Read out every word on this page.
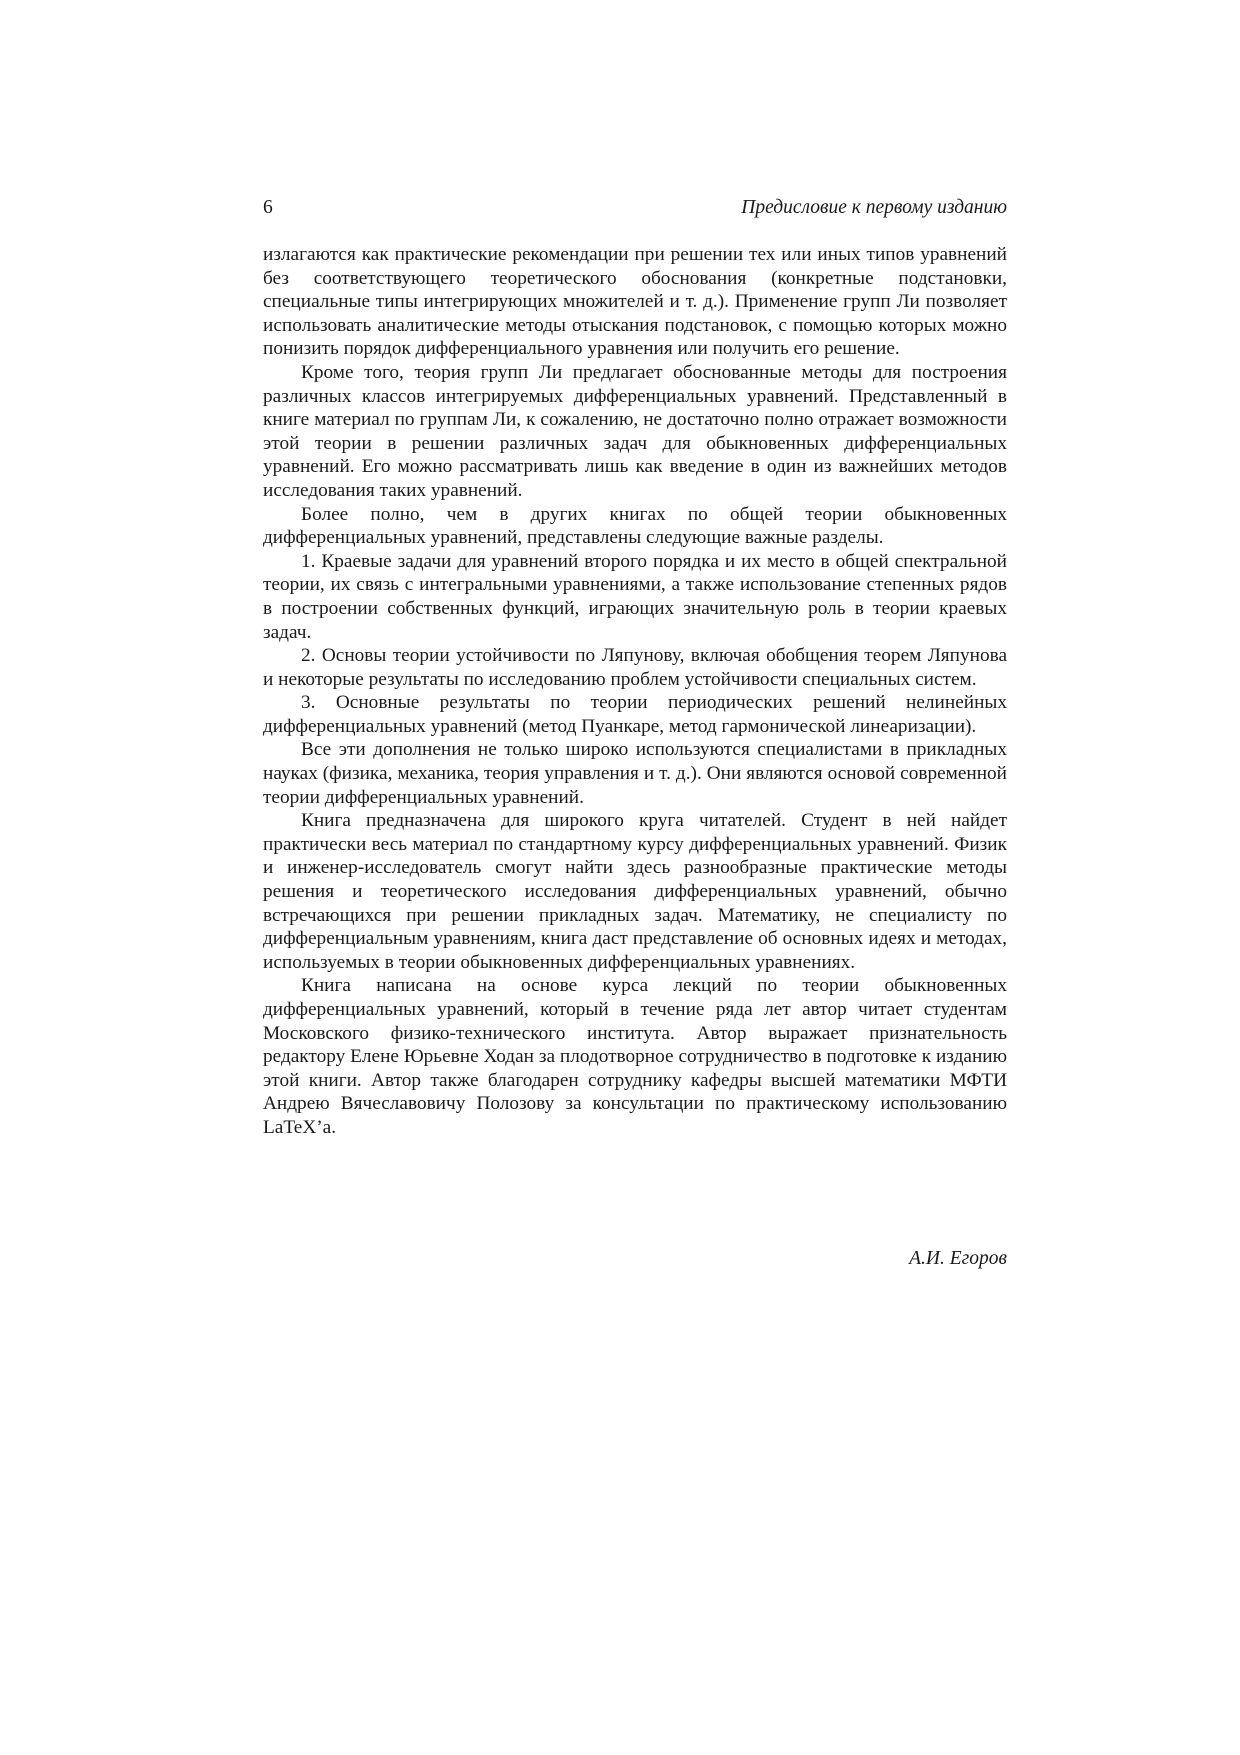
6	Предисловие к первому изданию

излагаются как практические рекомендации при решении тех или иных типов уравнений без соответствующего теоретического обоснования (конкретные подстановки, специальные типы интегрирующих множителей и т. д.). Применение групп Ли позволяет использовать аналитические методы отыскания подстановок, с помощью которых можно понизить порядок дифференциального уравнения или получить его решение.

Кроме того, теория групп Ли предлагает обоснованные методы для построения различных классов интегрируемых дифференциальных уравнений. Представленный в книге материал по группам Ли, к сожалению, не достаточно полно отражает возможности этой теории в решении различных задач для обыкновенных дифференциальных уравнений. Его можно рассматривать лишь как введение в один из важнейших методов исследования таких уравнений.

Более полно, чем в других книгах по общей теории обыкновенных дифференциальных уравнений, представлены следующие важные разделы.

1. Краевые задачи для уравнений второго порядка и их место в общей спектральной теории, их связь с интегральными уравнениями, а также использование степенных рядов в построении собственных функций, играющих значительную роль в теории краевых задач.

2. Основы теории устойчивости по Ляпунову, включая обобщения теорем Ляпунова и некоторые результаты по исследованию проблем устойчивости специальных систем.

3. Основные результаты по теории периодических решений нелинейных дифференциальных уравнений (метод Пуанкаре, метод гармонической линеаризации).

Все эти дополнения не только широко используются специалистами в прикладных науках (физика, механика, теория управления и т. д.). Они являются основой современной теории дифференциальных уравнений.

Книга предназначена для широкого круга читателей. Студент в ней найдет практически весь материал по стандартному курсу дифференциальных уравнений. Физик и инженер-исследователь смогут найти здесь разнообразные практические методы решения и теоретического исследования дифференциальных уравнений, обычно встречающихся при решении прикладных задач. Математику, не специалисту по дифференциальным уравнениям, книга даст представление об основных идеях и методах, используемых в теории обыкновенных дифференциальных уравнениях.

Книга написана на основе курса лекций по теории обыкновенных дифференциальных уравнений, который в течение ряда лет автор читает студентам Московского физико-технического института. Автор выражает признательность редактору Елене Юрьевне Ходан за плодотворное сотрудничество в подготовке к изданию этой книги. Автор также благодарен сотруднику кафедры высшей математики МФТИ Андрею Вячеславовичу Полозову за консультации по практическому использованию LaTeX’а.

А.И. Егоров
